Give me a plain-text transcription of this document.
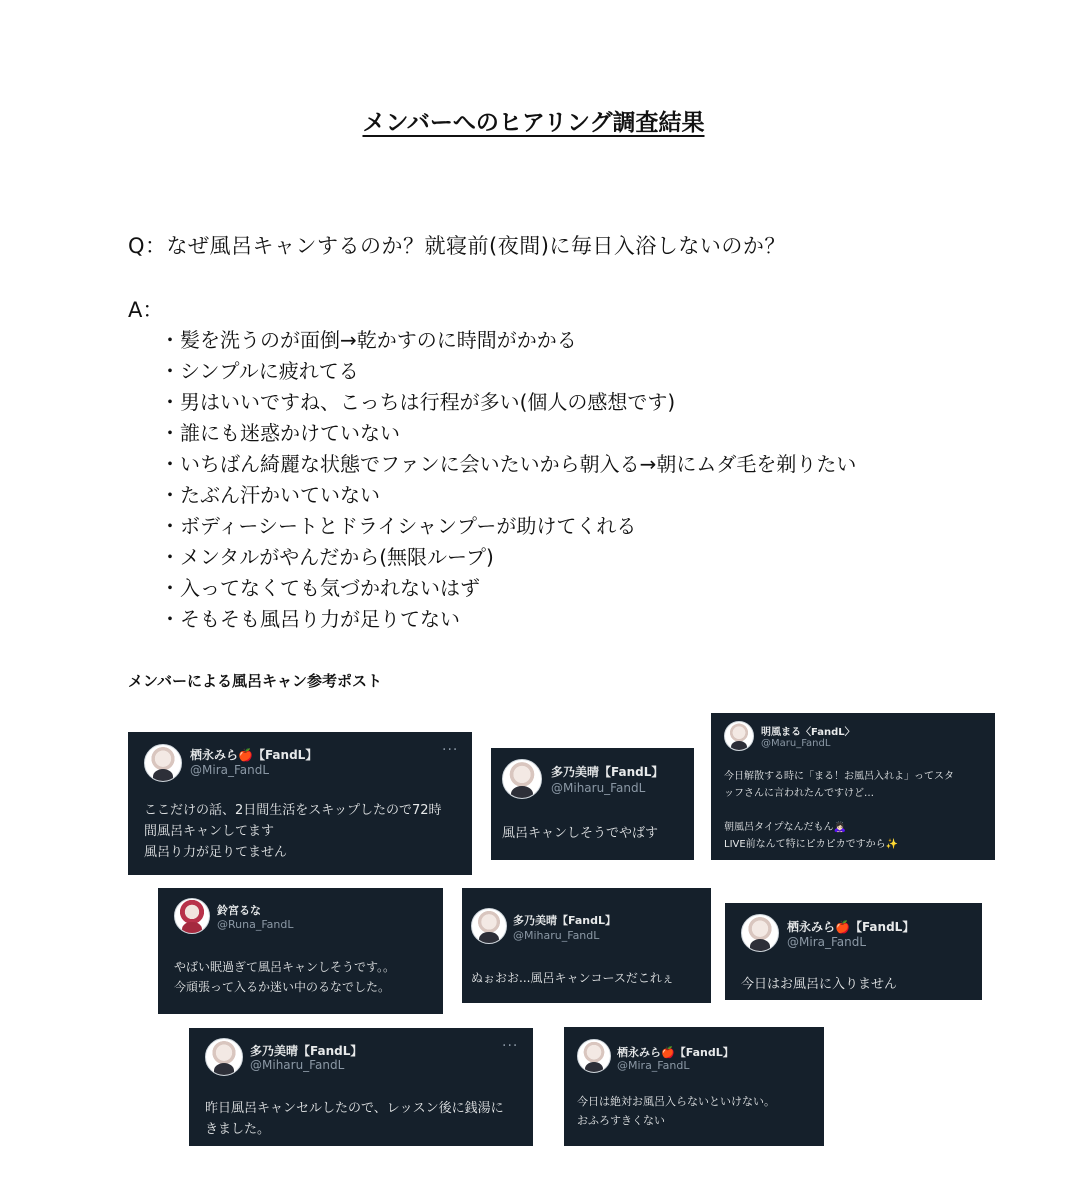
メンバーへのヒアリング調査結果
Q：なぜ風呂キャンするのか？就寝前(夜間)に毎日入浴しないのか？
A：
・髪を洗うのが面倒→乾かすのに時間がかかる
・シンプルに疲れてる
・男はいいですね、こっちは行程が多い(個人の感想です)
・誰にも迷惑かけていない
・いちばん綺麗な状態でファンに会いたいから朝入る→朝にムダ毛を剃りたい
・たぶん汗かいていない
・ボディーシートとドライシャンプーが助けてくれる
・メンタルがやんだから(無限ループ)
・入ってなくても気づかれないはず
・そもそも風呂り力が足りてない
メンバーによる風呂キャン参考ポスト
栖永みら🍎【FandL】
@Mira_FandL
···
ここだけの話、2日間生活をスキップしたので72時
間風呂キャンしてます
風呂り力が足りてません
多乃美晴【FandL】
@Miharu_FandL
風呂キャンしそうでやばす
明風まる〈FandL〉
@Maru_FandL
今日解散する時に「まる！お風呂入れよ」ってスタ
ッフさんに言われたんですけど…
朝風呂タイプなんだもん🙇🏻‍♀️
LIVE前なんて特にピカピカですから✨
鈴宮るな
@Runa_FandL
やばい眠過ぎて風呂キャンしそうです。。
今頑張って入るか迷い中のるなでした。
多乃美晴【FandL】
@Miharu_FandL
ぬぉおお...風呂キャンコースだこれぇ
栖永みら🍎【FandL】
@Mira_FandL
今日はお風呂に入りません
多乃美晴【FandL】
@Miharu_FandL
···
昨日風呂キャンセルしたので、レッスン後に銭湯に
きました。
栖永みら🍎【FandL】
@Mira_FandL
今日は絶対お風呂入らないといけない。
おふろすきくない
